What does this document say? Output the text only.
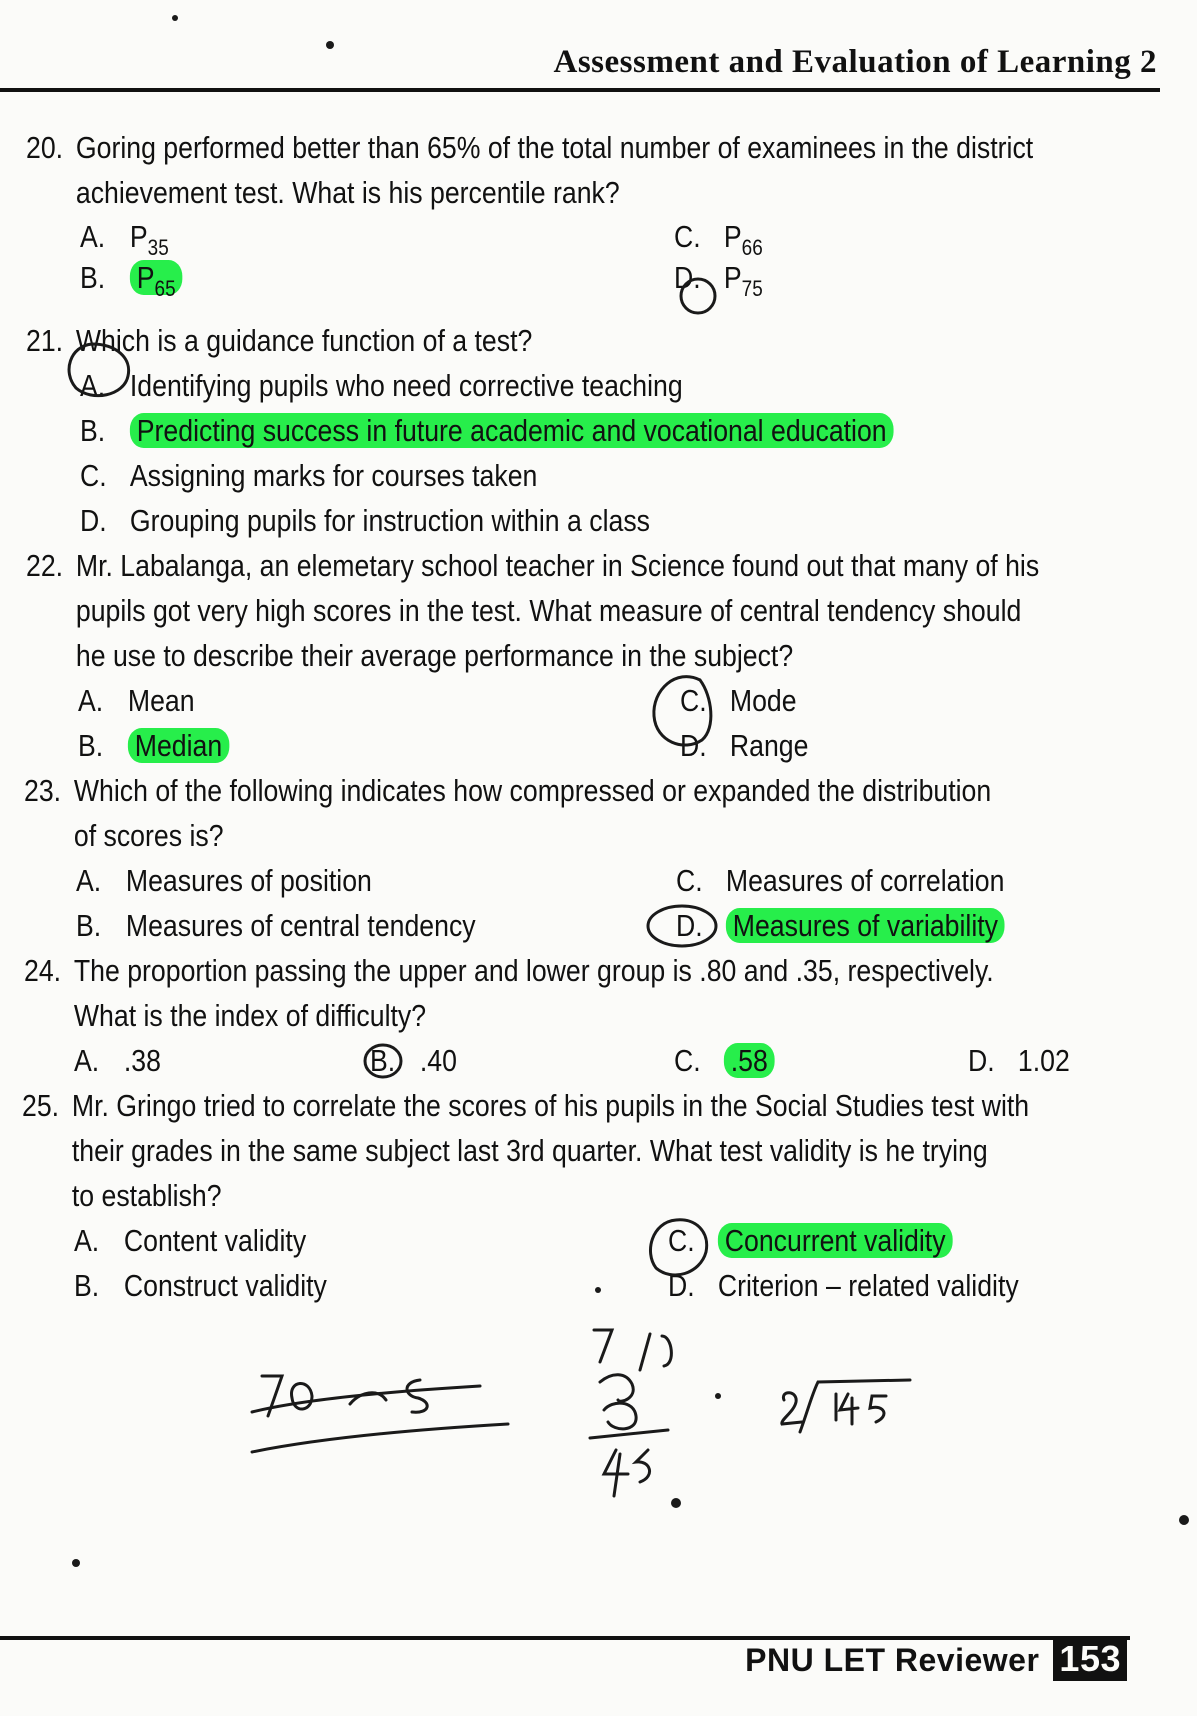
Assessment and Evaluation of Learning 2
20. Goring performed better than 65% of the total number of examinees in the district
achievement test. What is his percentile rank?
A. $P_{35}$
B. $P_{65}$
C. $P_{66}$
D. $P_{75}$
21. Which is a guidance function of a test?
A. Identifying pupils who need corrective teaching
B. Predicting success in future academic and vocational education
C. Assigning marks for courses taken
D. Grouping pupils for instruction within a class
22. Mr. Labalanga, an elemetary school teacher in Science found out that many of his
pupils got very high scores in the test. What measure of central tendency should
he use to describe their average performance in the subject?
A. Mean
B. Median
C. Mode
D. Range
23. Which of the following indicates how compressed or expanded the distribution
of scores is?
A. Measures of position
B. Measures of central tendency
C. Measures of correlation
D. Measures of variability
24. The proportion passing the upper and lower group is .80 and .35, respectively.
What is the index of difficulty?
A. .38	B. .40	C. .58	D. 1.02
25. Mr. Gringo tried to correlate the scores of his pupils in the Social Studies test with
their grades in the same subject last 3rd quarter. What test validity is he trying
to establish?
A. Content validity
B. Construct validity
C. Concurrent validity
D. Criterion – related validity
PNU LET Reviewer 153
